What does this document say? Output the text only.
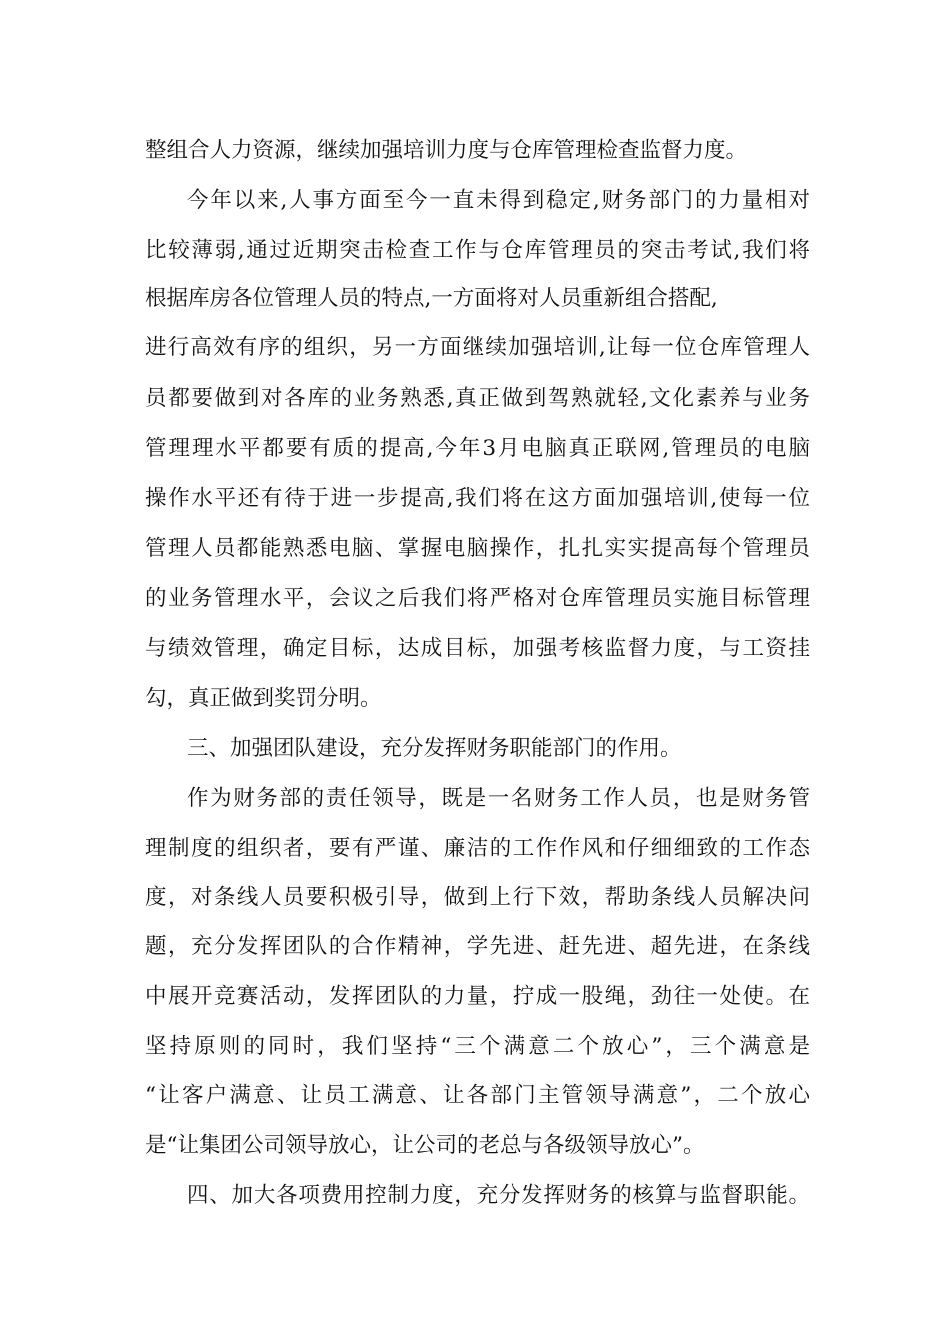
整组合人力资源，继续加强培训力度与仓库管理检查监督力度。
今年以来,人事方面至今一直未得到稳定,财务部门的力量相对
比较薄弱,通过近期突击检查工作与仓库管理员的突击考试,我们将
根据库房各位管理人员的特点,一方面将对人员重新组合搭配,
进行高效有序的组织，另一方面继续加强培训,让每一位仓库管理人
员都要做到对各库的业务熟悉,真正做到驾熟就轻,文化素养与业务
管理理水平都要有质的提高,今年3月电脑真正联网,管理员的电脑
操作水平还有待于进一步提高,我们将在这方面加强培训,使每一位
管理人员都能熟悉电脑、掌握电脑操作，扎扎实实提高每个管理员
的业务管理水平，会议之后我们将严格对仓库管理员实施目标管理
与绩效管理，确定目标，达成目标，加强考核监督力度，与工资挂
勾，真正做到奖罚分明。
三、加强团队建设，充分发挥财务职能部门的作用。
作为财务部的责任领导，既是一名财务工作人员，也是财务管
理制度的组织者，要有严谨、廉洁的工作作风和仔细细致的工作态
度，对条线人员要积极引导，做到上行下效，帮助条线人员解决问
题，充分发挥团队的合作精神，学先进、赶先进、超先进，在条线
中展开竞赛活动，发挥团队的力量，拧成一股绳，劲往一处使。在
坚持原则的同时，我们坚持“三个满意二个放心”，三个满意是
“让客户满意、让员工满意、让各部门主管领导满意”，二个放心
是“让集团公司领导放心，让公司的老总与各级领导放心”。
四、加大各项费用控制力度，充分发挥财务的核算与监督职能。
